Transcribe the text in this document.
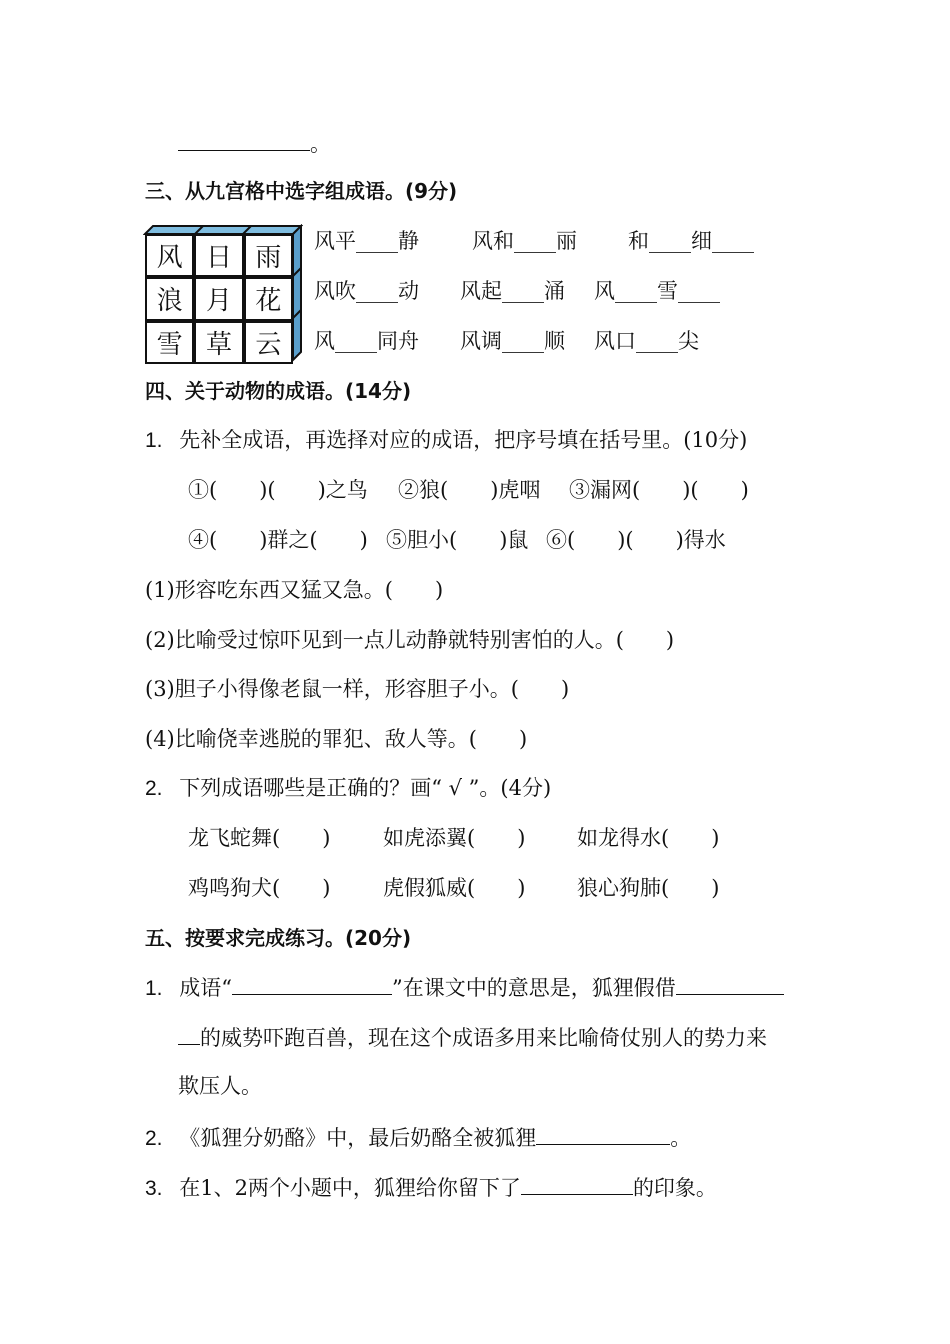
。
三、从九宫格中选字组成语。(9分)
风 日 雨
浪 月 花
雪 草 云
风平____静	风和____丽 和____细____
风吹____动 风起____涌 风____雪____
风____同舟 风调____顺 风口____尖
四、关于动物的成语。(14分)
1. 先补全成语，再选择对应的成语，把序号填在括号里。(10分)
①(　　)(　　)之鸟 ②狼(　　)虎咽 ③漏网(　　)(　　)
④(　　)群之(　　) ⑤胆小(　　)鼠 ⑥(　　)(　　)得水
(1)形容吃东西又猛又急。(　　)
(2)比喻受过惊吓见到一点儿动静就特别害怕的人。(　　)
(3)胆子小得像老鼠一样，形容胆子小。(　　)
(4)比喻侥幸逃脱的罪犯、敌人等。(　　)
2. 下列成语哪些是正确的？画“ √ ”。(4分)
龙飞蛇舞(　　)	如虎添翼(　　) 如龙得水(　　)
鸡鸣狗犬(　　)	虎假狐威(　　) 狼心狗肺(　　)
五、按要求完成练习。(20分)
1. 成语“	”在课文中的意思是，狐狸假借
的威势吓跑百兽，现在这个成语多用来比喻倚仗别人的势力来
欺压人。
2. 《狐狸分奶酪》中，最后奶酪全被狐狸	。
3. 在1、2两个小题中，狐狸给你留下了	的印象。
